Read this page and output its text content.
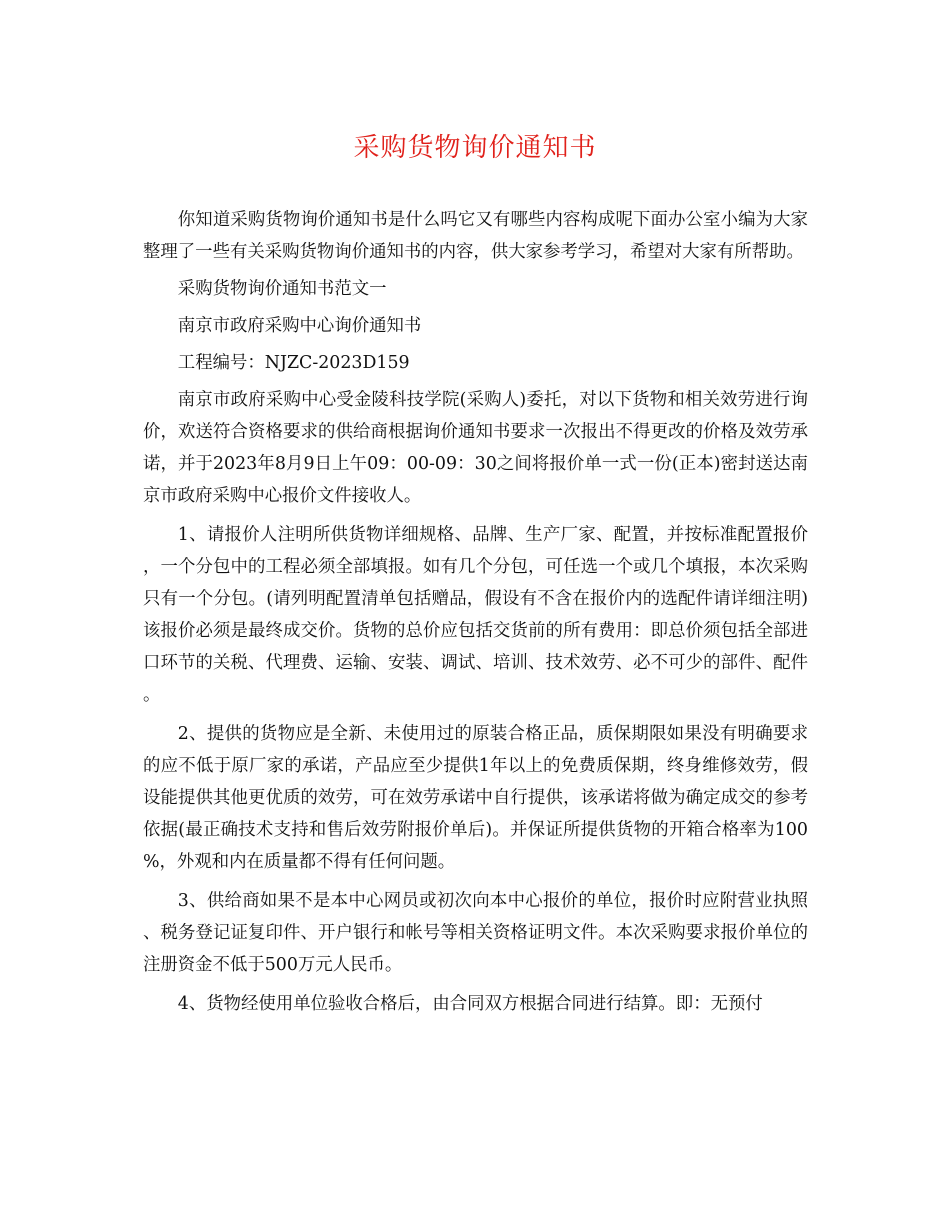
采购货物询价通知书

你知道采购货物询价通知书是什么吗它又有哪些内容构成呢下面办公室小编为大家整理了一些有关采购货物询价通知书的内容，供大家参考学习，希望对大家有所帮助。

采购货物询价通知书范文一

南京市政府采购中心询价通知书

工程编号：NJZC-2023D159

南京市政府采购中心受金陵科技学院(采购人)委托，对以下货物和相关效劳进行询价，欢送符合资格要求的供给商根据询价通知书要求一次报出不得更改的价格及效劳承诺，并于2023年8月9日上午09：00-09：30之间将报价单一式一份(正本)密封送达南京市政府采购中心报价文件接收人。

1、请报价人注明所供货物详细规格、品牌、生产厂家、配置，并按标准配置报价，一个分包中的工程必须全部填报。如有几个分包，可任选一个或几个填报，本次采购只有一个分包。(请列明配置清单包括赠品，假设有不含在报价内的选配件请详细注明)该报价必须是最终成交价。货物的总价应包括交货前的所有费用：即总价须包括全部进口环节的关税、代理费、运输、安装、调试、培训、技术效劳、必不可少的部件、配件。

2、提供的货物应是全新、未使用过的原装合格正品，质保期限如果没有明确要求的应不低于原厂家的承诺，产品应至少提供1年以上的免费质保期，终身维修效劳，假设能提供其他更优质的效劳，可在效劳承诺中自行提供，该承诺将做为确定成交的参考依据(最正确技术支持和售后效劳附报价单后)。并保证所提供货物的开箱合格率为100%，外观和内在质量都不得有任何问题。

3、供给商如果不是本中心网员或初次向本中心报价的单位，报价时应附营业执照、税务登记证复印件、开户银行和帐号等相关资格证明文件。本次采购要求报价单位的注册资金不低于500万元人民币。

4、货物经使用单位验收合格后，由合同双方根据合同进行结算。即：无预付
